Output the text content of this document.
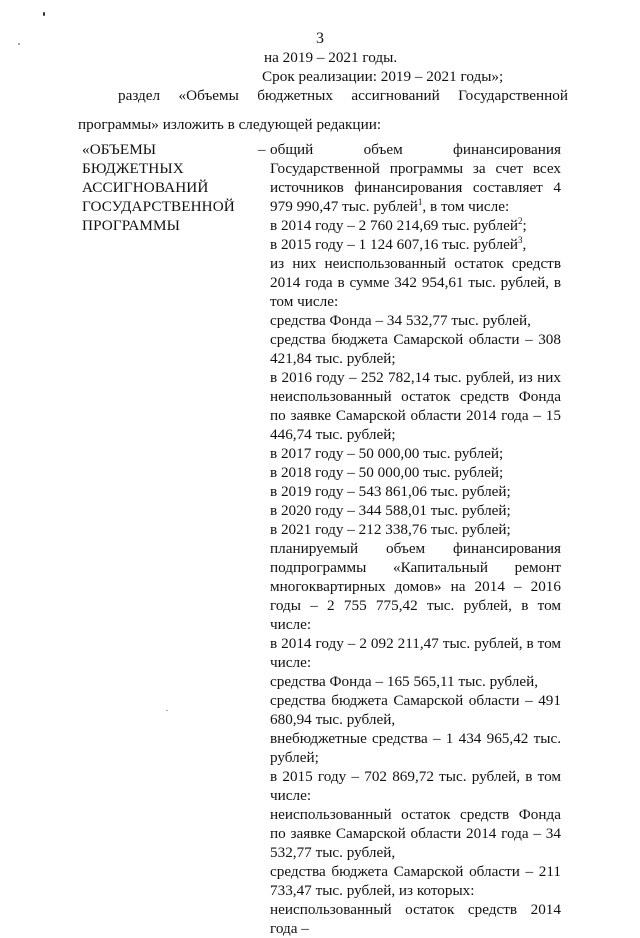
3
на 2019 – 2021 годы.
Срок реализации: 2019 – 2021 годы»;
раздел «Объемы бюджетных ассигнований Государственной
программы» изложить в следующей редакции:
«ОБЪЕМЫ
БЮДЖЕТНЫХ
АССИГНОВАНИЙ
ГОСУДАРСТВЕННОЙ
ПРОГРАММЫ
– общий объем финансирования Государственной программы за счет всех источников финансирования составляет 4 979 990,47 тыс. рублей$^1$, в том числе:
в 2014 году – 2 760 214,69 тыс. рублей$^2$;
в 2015 году – 1 124 607,16 тыс. рублей$^3$,
из них неиспользованный остаток средств 2014 года в сумме 342 954,61 тыс. рублей, в том числе:
средства Фонда – 34 532,77 тыс. рублей,
средства бюджета Самарской области – 308 421,84 тыс. рублей;
в 2016 году – 252 782,14 тыс. рублей, из них неиспользованный остаток средств Фонда по заявке Самарской области 2014 года – 15 446,74 тыс. рублей;
в 2017 году – 50 000,00 тыс. рублей;
в 2018 году – 50 000,00 тыс. рублей;
в 2019 году – 543 861,06 тыс. рублей;
в 2020 году – 344 588,01 тыс. рублей;
в 2021 году – 212 338,76 тыс. рублей;
планируемый объем финансирования подпрограммы «Капитальный ремонт многоквартирных домов» на 2014 – 2016 годы – 2 755 775,42 тыс. рублей, в том числе:
в 2014 году – 2 092 211,47 тыс. рублей, в том числе:
средства Фонда – 165 565,11 тыс. рублей,
средства бюджета Самарской области – 491 680,94 тыс. рублей,
внебюджетные средства – 1 434 965,42 тыс. рублей;
в 2015 году – 702 869,72 тыс. рублей, в том числе:
неиспользованный остаток средств Фонда по заявке Самарской области 2014 года – 34 532,77 тыс. рублей,
средства бюджета Самарской области – 211 733,47 тыс. рублей, из которых:
неиспользованный остаток средств 2014 года –
